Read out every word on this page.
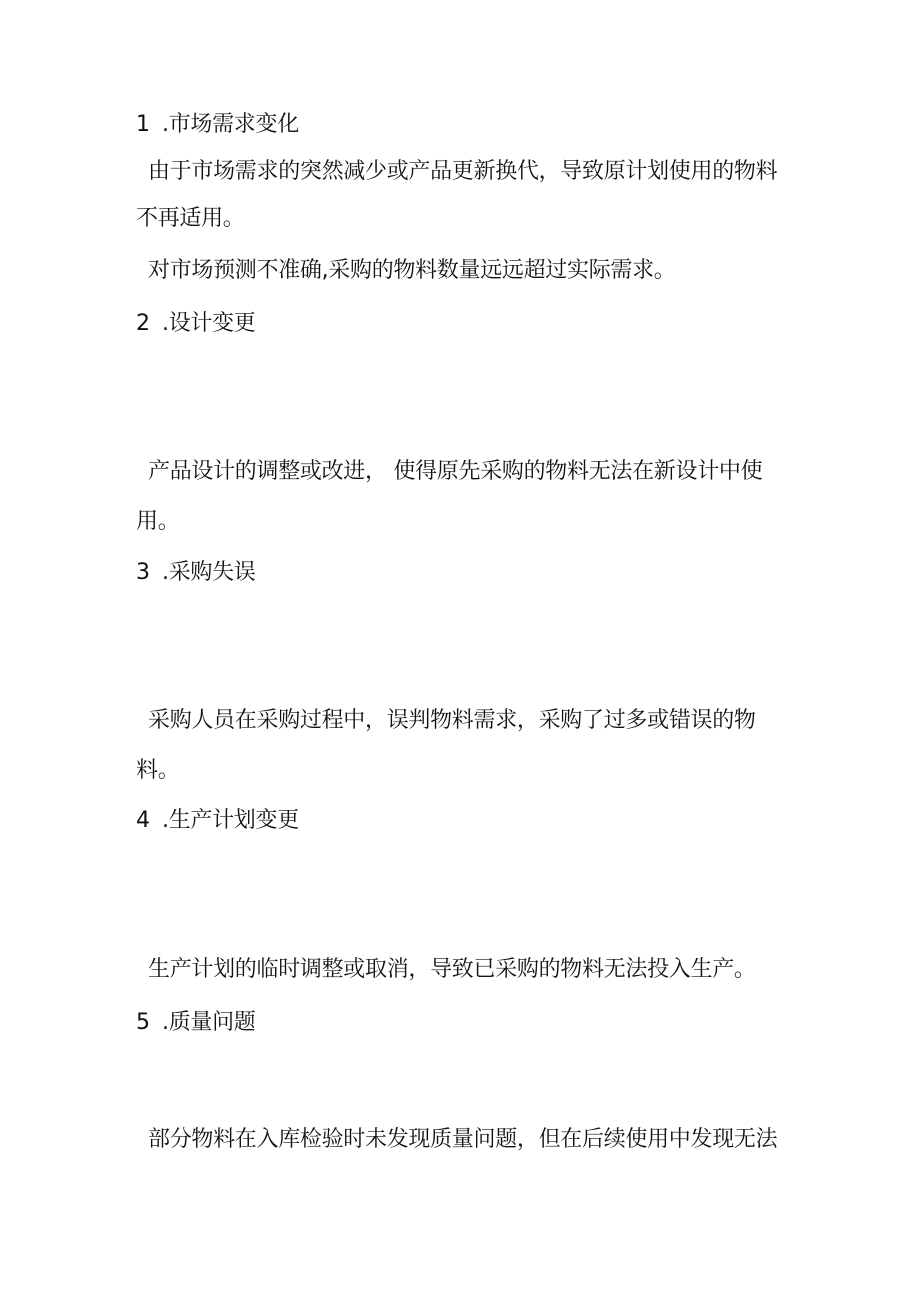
1 .市场需求变化
由于市场需求的突然减少或产品更新换代，导致原计划使用的物料
不再适用。
对市场预测不准确,采购的物料数量远远超过实际需求。
2 .设计变更
产品设计的调整或改进， 使得原先采购的物料无法在新设计中使
用。
3 .采购失误
采购人员在采购过程中，误判物料需求，采购了过多或错误的物
料。
4 .生产计划变更
生产计划的临时调整或取消，导致已采购的物料无法投入生产。
5 .质量问题
部分物料在入库检验时未发现质量问题，但在后续使用中发现无法
